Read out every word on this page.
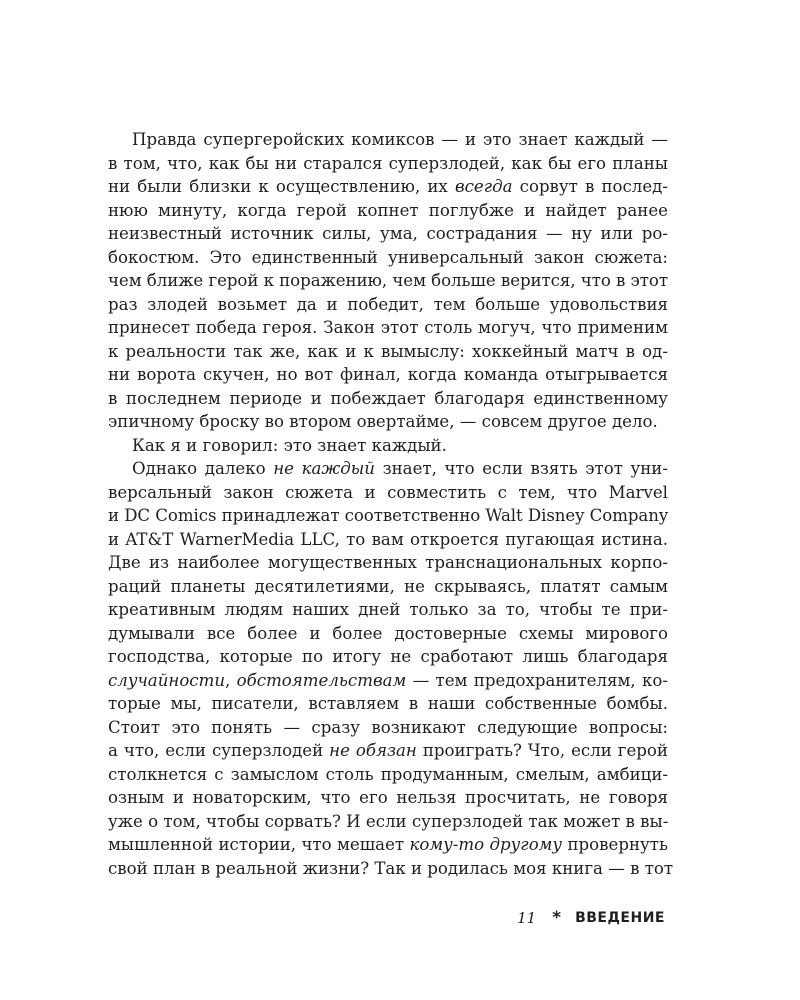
Правда супергеройских комиксов — и это знает каждый —
в том, что, как бы ни старался суперзлодей, как бы его планы
ни были близки к осуществлению, их всегда сорвут в послед-
нюю минуту, когда герой копнет поглубже и найдет ранее
неизвестный источник силы, ума, сострадания — ну или ро-
бокостюм. Это единственный универсальный закон сюжета:
чем ближе герой к поражению, чем больше верится, что в этот
раз злодей возьмет да и победит, тем больше удовольствия
принесет победа героя. Закон этот столь могуч, что применим
к реальности так же, как и к вымыслу: хоккейный матч в од-
ни ворота скучен, но вот финал, когда команда отыгрывается
в последнем периоде и побеждает благодаря единственному
эпичному броску во втором овертайме, — совсем другое дело.
Как я и говорил: это знает каждый.
Однако далеко не каждый знает, что если взять этот уни-
версальный закон сюжета и совместить с тем, что Marvel
и DC Comics принадлежат соответственно Walt Disney Company
и AT&T WarnerMedia LLC, то вам откроется пугающая истина.
Две из наиболее могущественных транснациональных корпо-
раций планеты десятилетиями, не скрываясь, платят самым
креативным людям наших дней только за то, чтобы те при-
думывали все более и более достоверные схемы мирового
господства, которые по итогу не сработают лишь благодаря
случайности, обстоятельствам — тем предохранителям, ко-
торые мы, писатели, вставляем в наши собственные бомбы.
Стоит это понять — сразу возникают следующие вопросы:
а что, если суперзлодей не обязан проиграть? Что, если герой
столкнется с замыслом столь продуманным, смелым, амбици-
озным и новаторским, что его нельзя просчитать, не говоря
уже о том, чтобы сорвать? И если суперзлодей так может в вы-
мышленной истории, что мешает кому-то другому провернуть
свой план в реальной жизни? Так и родилась моя книга — в тот
11 * ВВЕДЕНИЕ
